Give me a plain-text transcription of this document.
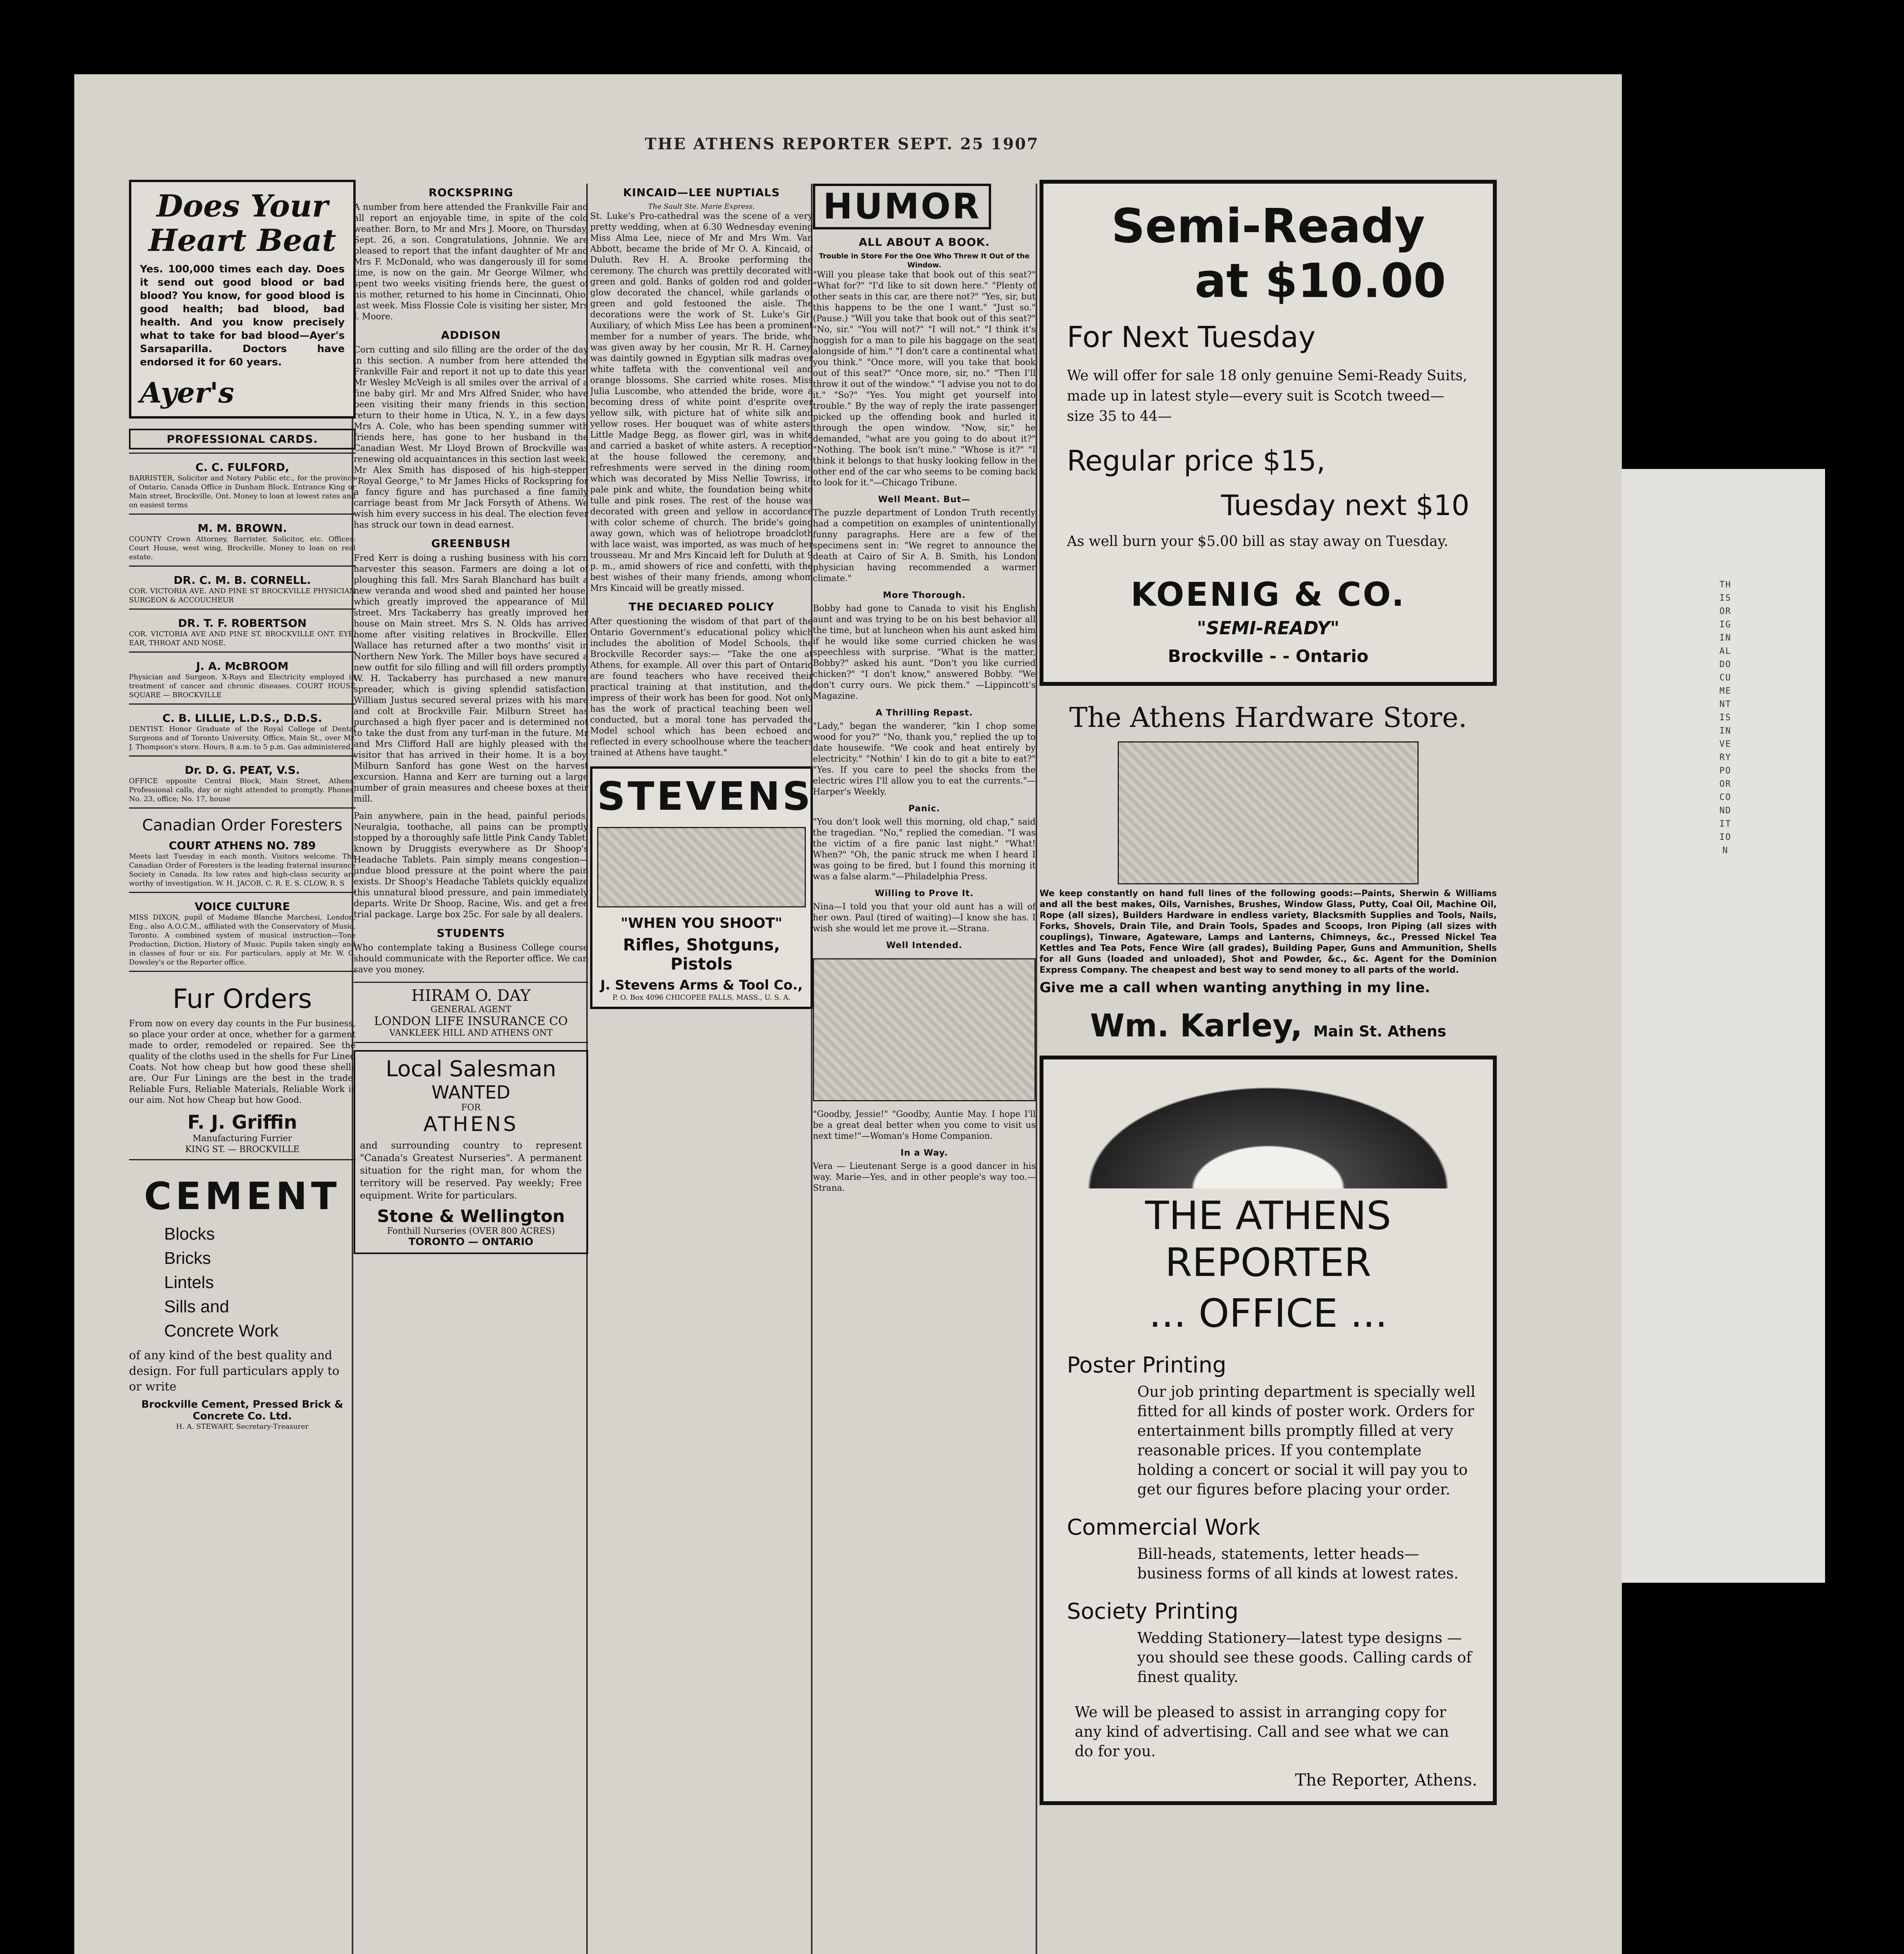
THIS ORIGINAL DOCUMENT IS IN VERY POOR CONDITION
THE ATHENS REPORTER SEPT. 25 1907
Does Your Heart Beat
Yes. 100,000 times each day. Does it send out good blood or bad blood? You know, for good blood is good health; bad blood, bad health. And you know precisely what to take for bad blood—Ayer's Sarsaparilla. Doctors have endorsed it for 60 years.
Ayer's
PROFESSIONAL CARDS.
C. C. FULFORD,
BARRISTER, Solicitor and Notary Public etc., for the province of Ontario, Canada Office in Dunham Block. Entrance King or Main street, Brockville, Ont. Money to loan at lowest rates and on easiest terms
M. M. BROWN.
COUNTY Crown Attorney, Barrister, Solicitor, etc. Offices: Court House, west wing, Brockville. Money to loan on real estate.
DR. C. M. B. CORNELL.
COR. VICTORIA AVE. AND PINE ST BROCKVILLE PHYSICIAN SURGEON & ACCOUCHEUR
DR. T. F. ROBERTSON
COR. VICTORIA AVE AND PINE ST. BROCKVILLE ONT. EYE, EAR, THROAT AND NOSE.
J. A. McBROOM
Physician and Surgeon. X-Rays and Electricity employed in treatment of cancer and chronic diseases. COURT HOUSE SQUARE — BROCKVILLE
C. B. LILLIE, L.D.S., D.D.S.
DENTIST. Honor Graduate of the Royal College of Dental Surgeons and of Toronto University. Office, Main St., over Mr. J. Thompson's store. Hours, 8 a.m. to 5 p.m. Gas administered.
Dr. D. G. PEAT, V.S.
OFFICE opposite Central Block, Main Street, Athens. Professional calls, day or night attended to promptly. Phones, No. 23, office; No. 17, house
Canadian Order Foresters
COURT ATHENS NO. 789
Meets last Tuesday in each month. Visitors welcome. The Canadian Order of Foresters is the leading fraternal insurance Society in Canada. Its low rates and high-class security are worthy of investigation. W. H. JACOB, C. R. E. S. CLOW, R. S
VOICE CULTURE
MISS DIXON, pupil of Madame Blanche Marchesi, London, Eng., also A.O.C.M., affiliated with the Conservatory of Music, Toronto. A combined system of musical instruction—Tone Production, Diction, History of Music. Pupils taken singly and in classes of four or six. For particulars, apply at Mr. W. C. Dowsley's or the Reporter office.
Fur Orders
From now on every day counts in the Fur business, so place your order at once, whether for a garment made to order, remodeled or repaired. See the quality of the cloths used in the shells for Fur Lined Coats. Not how cheap but how good these shells are. Our Fur Linings are the best in the trade. Reliable Furs, Reliable Materials, Reliable Work is our aim. Not how Cheap but how Good.
F. J. Griffin
Manufacturing Furrier
KING ST. — BROCKVILLE
CEMENT
Blocks
Bricks
Lintels
Sills and
Concrete Work
of any kind of the best quality and design. For full particulars apply to or write
Brockville Cement, Pressed Brick & Concrete Co. Ltd.
H. A. STEWART, Secretary-Treasurer
ROCKSPRING
A number from here attended the Frankville Fair and all report an enjoyable time, in spite of the cold weather. Born, to Mr and Mrs J. Moore, on Thursday, Sept. 26, a son. Congratulations, Johnnie. We are pleased to report that the infant daughter of Mr and Mrs F. McDonald, who was dangerously ill for some time, is now on the gain. Mr George Wilmer, who spent two weeks visiting friends here, the guest of his mother, returned to his home in Cincinnati, Ohio, last week. Miss Flossie Cole is visiting her sister, Mrs J. Moore.
ADDISON
Corn cutting and silo filling are the order of the day in this section. A number from here attended the Frankville Fair and report it not up to date this year. Mr Wesley McVeigh is all smiles over the arrival of a fine baby girl. Mr and Mrs Alfred Snider, who have been visiting their many friends in this section, return to their home in Utica, N. Y., in a few days. Mrs A. Cole, who has been spending summer with friends here, has gone to her husband in the Canadian West. Mr Lloyd Brown of Brockville was renewing old acquaintances in this section last week. Mr Alex Smith has disposed of his high-stepper, "Royal George," to Mr James Hicks of Rockspring for a fancy figure and has purchased a fine family carriage beast from Mr Jack Forsyth of Athens. We wish him every success in his deal. The election fever has struck our town in dead earnest.
GREENBUSH
Fred Kerr is doing a rushing business with his corn harvester this season. Farmers are doing a lot of ploughing this fall. Mrs Sarah Blanchard has built a new veranda and wood shed and painted her house, which greatly improved the appearance of Mill street. Mrs Tackaberry has greatly improved her house on Main street. Mrs S. N. Olds has arrived home after visiting relatives in Brockville. Ellen Wallace has returned after a two months' visit in Northern New York. The Miller boys have secured a new outfit for silo filling and will fill orders promptly. W. H. Tackaberry has purchased a new manure spreader, which is giving splendid satisfaction. William Justus secured several prizes with his mare and colt at Brockville Fair. Milburn Street has purchased a high flyer pacer and is determined not to take the dust from any turf-man in the future. Mr and Mrs Clifford Hall are highly pleased with the visitor that has arrived in their home. It is a boy. Milburn Sanford has gone West on the harvest excursion. Hanna and Kerr are turning out a large number of grain measures and cheese boxes at their mill.
Pain anywhere, pain in the head, painful periods, Neuralgia, toothache, all pains can be promptly stopped by a thoroughly safe little Pink Candy Tablet, known by Druggists everywhere as Dr Shoop's Headache Tablets. Pain simply means congestion—undue blood pressure at the point where the pain exists. Dr Shoop's Headache Tablets quickly equalize this unnatural blood pressure, and pain immediately departs. Write Dr Shoop, Racine, Wis. and get a free trial package. Large box 25c. For sale by all dealers.
STUDENTS
Who contemplate taking a Business College course should communicate with the Reporter office. We can save you money.
HIRAM O. DAY
GENERAL AGENT
LONDON LIFE INSURANCE CO
VANKLEEK HILL AND ATHENS ONT
Local Salesman
WANTED
FOR
ATHENS
and surrounding country to represent "Canada's Greatest Nurseries". A permanent situation for the right man, for whom the territory will be reserved. Pay weekly; Free equipment. Write for particulars.
Stone & Wellington
Fonthill Nurseries (OVER 800 ACRES)
TORONTO — ONTARIO
KINCAID—LEE NUPTIALS
The Sault Ste. Marie Express.
St. Luke's Pro-cathedral was the scene of a very pretty wedding, when at 6.30 Wednesday evening Miss Alma Lee, niece of Mr and Mrs Wm. Van Abbott, became the bride of Mr O. A. Kincaid, of Duluth. Rev H. A. Brooke performing the ceremony. The church was prettily decorated with green and gold. Banks of golden rod and golden glow decorated the chancel, while garlands of green and gold festooned the aisle. The decorations were the work of St. Luke's Girl Auxiliary, of which Miss Lee has been a prominent member for a number of years. The bride, who was given away by her cousin, Mr R. H. Carney, was daintily gowned in Egyptian silk madras over white taffeta with the conventional veil and orange blossoms. She carried white roses. Miss Julia Luscombe, who attended the bride, wore a becoming dress of white point d'esprite over yellow silk, with picture hat of white silk and yellow roses. Her bouquet was of white asters. Little Madge Begg, as flower girl, was in white and carried a basket of white asters. A reception at the house followed the ceremony, and refreshments were served in the dining room, which was decorated by Miss Nellie Towriss, in pale pink and white, the foundation being white tulle and pink roses. The rest of the house was decorated with green and yellow in accordance with color scheme of church. The bride's going away gown, which was of heliotrope broadcloth with lace waist, was imported, as was much of her trousseau. Mr and Mrs Kincaid left for Duluth at 9 p. m., amid showers of rice and confetti, with the best wishes of their many friends, among whom Mrs Kincaid will be greatly missed.
THE DECIARED POLICY
After questioning the wisdom of that part of the Ontario Government's educational policy which includes the abolition of Model Schools, the Brockville Recorder says:— "Take the one at Athens, for example. All over this part of Ontario are found teachers who have received their practical training at that institution, and the impress of their work has been for good. Not only has the work of practical teaching been well conducted, but a moral tone has pervaded the Model school which has been echoed and reflected in every schoolhouse where the teachers trained at Athens have taught."
STEVENS
"WHEN YOU SHOOT"
Rifles, Shotguns, Pistols
J. Stevens Arms & Tool Co.,
P. O. Box 4096 CHICOPEE FALLS, MASS., U. S. A.
HUMOR
ALL ABOUT A BOOK.
Trouble in Store For the One Who Threw It Out of the Window.
"Will you please take that book out of this seat?" "What for?" "I'd like to sit down here." "Plenty of other seats in this car, are there not?" "Yes, sir, but this happens to be the one I want." "Just so." (Pause.) "Will you take that book out of this seat?" "No, sir." "You will not?" "I will not." "I think it's hoggish for a man to pile his baggage on the seat alongside of him." "I don't care a continental what you think." "Once more, will you take that book out of this seat?" "Once more, sir, no." "Then I'll throw it out of the window." "I advise you not to do it." "So?" "Yes. You might get yourself into trouble." By the way of reply the irate passenger picked up the offending book and hurled it through the open window. "Now, sir," he demanded, "what are you going to do about it?" "Nothing. The book isn't mine." "Whose is it?" "I think it belongs to that husky looking fellow in the other end of the car who seems to be coming back to look for it."—Chicago Tribune.
Well Meant. But—
The puzzle department of London Truth recently had a competition on examples of unintentionally funny paragraphs. Here are a few of the specimens sent in: "We regret to announce the death at Cairo of Sir A. B. Smith, his London physician having recommended a warmer climate."
More Thorough.
Bobby had gone to Canada to visit his English aunt and was trying to be on his best behavior all the time, but at luncheon when his aunt asked him if he would like some curried chicken he was speechless with surprise. "What is the matter, Bobby?" asked his aunt. "Don't you like curried chicken?" "I don't know," answered Bobby. "We don't curry ours. We pick them." —Lippincott's Magazine.
A Thrilling Repast.
"Lady," began the wanderer, "kin I chop some wood for you?" "No, thank you," replied the up to date housewife. "We cook and heat entirely by electricity." "Nothin' I kin do to git a bite to eat?" "Yes. If you care to peel the shocks from the electric wires I'll allow you to eat the currents."—Harper's Weekly.
Panic.
"You don't look well this morning, old chap," said the tragedian. "No," replied the comedian. "I was the victim of a fire panic last night." "What! When?" "Oh, the panic struck me when I heard I was going to be fired, but I found this morning it was a false alarm."—Philadelphia Press.
Willing to Prove It.
Nina—I told you that your old aunt has a will of her own. Paul (tired of waiting)—I know she has. I wish she would let me prove it.—Strana.
Well Intended.
"Goodby, Jessie!" "Goodby, Auntie May. I hope I'll be a great deal better when you come to visit us next time!"—Woman's Home Companion.
In a Way.
Vera — Lieutenant Serge is a good dancer in his way. Marie—Yes, and in other people's way too.—Strana.
Semi-Ready
at $10.00
For Next Tuesday
We will offer for sale 18 only genuine Semi-Ready Suits, made up in latest style—every suit is Scotch tweed—size 35 to 44—
Regular price $15,
Tuesday next $10
As well burn your $5.00 bill as stay away on Tuesday.
KOENIG & CO.
"SEMI-READY"
Brockville - - Ontario
The Athens Hardware Store.
We keep constantly on hand full lines of the following goods:—Paints, Sherwin & Williams and all the best makes, Oils, Varnishes, Brushes, Window Glass, Putty, Coal Oil, Machine Oil, Rope (all sizes), Builders Hardware in endless variety, Blacksmith Supplies and Tools, Nails, Forks, Shovels, Drain Tile, and Drain Tools, Spades and Scoops, Iron Piping (all sizes with couplings), Tinware, Agateware, Lamps and Lanterns, Chimneys, &c., Pressed Nickel Tea Kettles and Tea Pots, Fence Wire (all grades), Building Paper, Guns and Ammunition, Shells for all Guns (loaded and unloaded), Shot and Powder, &c., &c. Agent for the Dominion Express Company. The cheapest and best way to send money to all parts of the world.
Give me a call when wanting anything in my line.
Wm. Karley, Main St. Athens
THE ATHENS REPORTER
... OFFICE ...
Poster Printing
Our job printing department is specially well fitted for all kinds of poster work. Orders for entertainment bills promptly filled at very reasonable prices. If you contemplate holding a concert or social it will pay you to get our figures before placing your order.
Commercial Work
Bill-heads, statements, letter heads—business forms of all kinds at lowest rates.
Society Printing
Wedding Stationery—latest type designs —you should see these goods. Calling cards of finest quality.
We will be pleased to assist in arranging copy for any kind of advertising. Call and see what we can do for you.
The Reporter, Athens.
